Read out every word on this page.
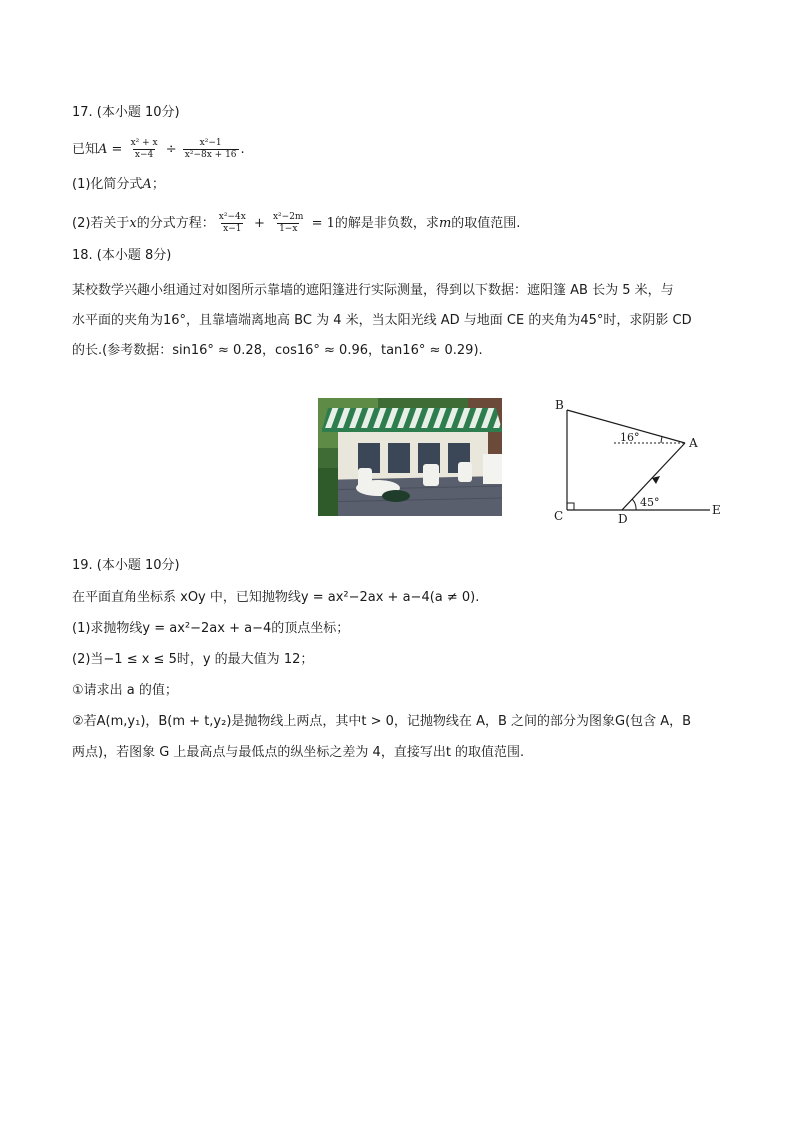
17. (本小题 10分)
已知$A = \frac{\text{x² + x}}{x-4} \div \frac{\text{x²−1}}{\text{x²−8x + 16}}$ .
(1)化简分式A；
(2)若关于x的分式方程： $\frac{\text{x²−4x}}{x-1} + \frac{\text{x²−2m}}{1-x} = 1$的解是非负数，求m的取值范围.
18. (本小题 8分)
某校数学兴趣小组通过对如图所示靠墙的遮阳篷进行实际测量，得到以下数据：遮阳篷 AB 长为 5 米，与
水平面的夹角为16°，且靠墙端离地高 BC 为 4 米，当太阳光线 AD 与地面 CE 的夹角为45°时，求阴影 CD
的长.(参考数据：sin16° ≈ 0.28，cos16° ≈ 0.96，tan16° ≈ 0.29).
B
A
C	D
E
16°
45°
19. (本小题 10分)
在平面直角坐标系 xOy 中，已知抛物线y = ax²−2ax + a−4(a ≠ 0).
(1)求抛物线y = ax²−2ax + a−4的顶点坐标；
(2)当−1 ≤ x ≤ 5时，y 的最大值为 12；
①请求出 a 的值；
②若A(m,y₁)，B(m + t,y₂)是抛物线上两点，其中t > 0，记抛物线在 A，B 之间的部分为图象G(包含 A，B
两点)，若图象 G 上最高点与最低点的纵坐标之差为 4，直接写出t 的取值范围.
